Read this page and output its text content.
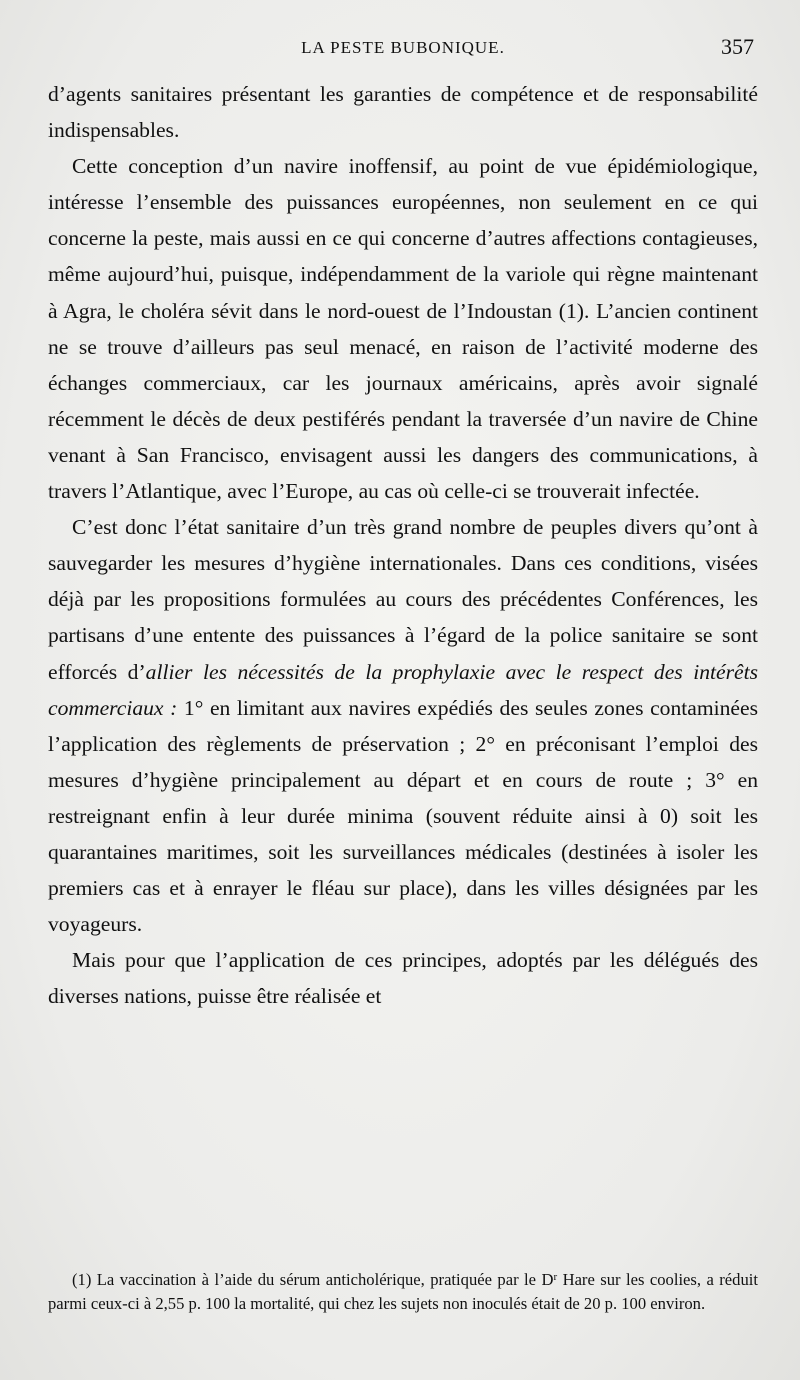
LA PESTE BUBONIQUE.	357

d’agents sanitaires présentant les garanties de compétence et de responsabilité indispensables.

Cette conception d’un navire inoffensif, au point de vue épidémiologique, intéresse l’ensemble des puissances européennes, non seulement en ce qui concerne la peste, mais aussi en ce qui concerne d’autres affections contagieuses, même aujourd’hui, puisque, indépendamment de la variole qui règne maintenant à Agra, le choléra sévit dans le nord-ouest de l’Indoustan (1). L’ancien continent ne se trouve d’ailleurs pas seul menacé, en raison de l’activité moderne des échanges commerciaux, car les journaux américains, après avoir signalé récemment le décès de deux pestiférés pendant la traversée d’un navire de Chine venant à San Francisco, envisagent aussi les dangers des communications, à travers l’Atlantique, avec l’Europe, au cas où celle-ci se trouverait infectée.

C’est donc l’état sanitaire d’un très grand nombre de peuples divers qu’ont à sauvegarder les mesures d’hygiène internationales. Dans ces conditions, visées déjà par les propositions formulées au cours des précédentes Conférences, les partisans d’une entente des puissances à l’égard de la police sanitaire se sont efforcés d’allier les nécessités de la prophylaxie avec le respect des intérêts commerciaux : 1° en limitant aux navires expédiés des seules zones contaminées l’application des règlements de préservation ; 2° en préconisant l’emploi des mesures d’hygiène principalement au départ et en cours de route ; 3° en restreignant enfin à leur durée minima (souvent réduite ainsi à 0) soit les quarantaines maritimes, soit les surveillances médicales (destinées à isoler les premiers cas et à enrayer le fléau sur place), dans les villes désignées par les voyageurs.

Mais pour que l’application de ces principes, adoptés par les délégués des diverses nations, puisse être réalisée et

(1) La vaccination à l’aide du sérum anticholérique, pratiquée par le $D^r$ Hare sur les coolies, a réduit parmi ceux-ci à 2,55 p. 100 la mortalité, qui chez les sujets non inoculés était de 20 p. 100 environ.
